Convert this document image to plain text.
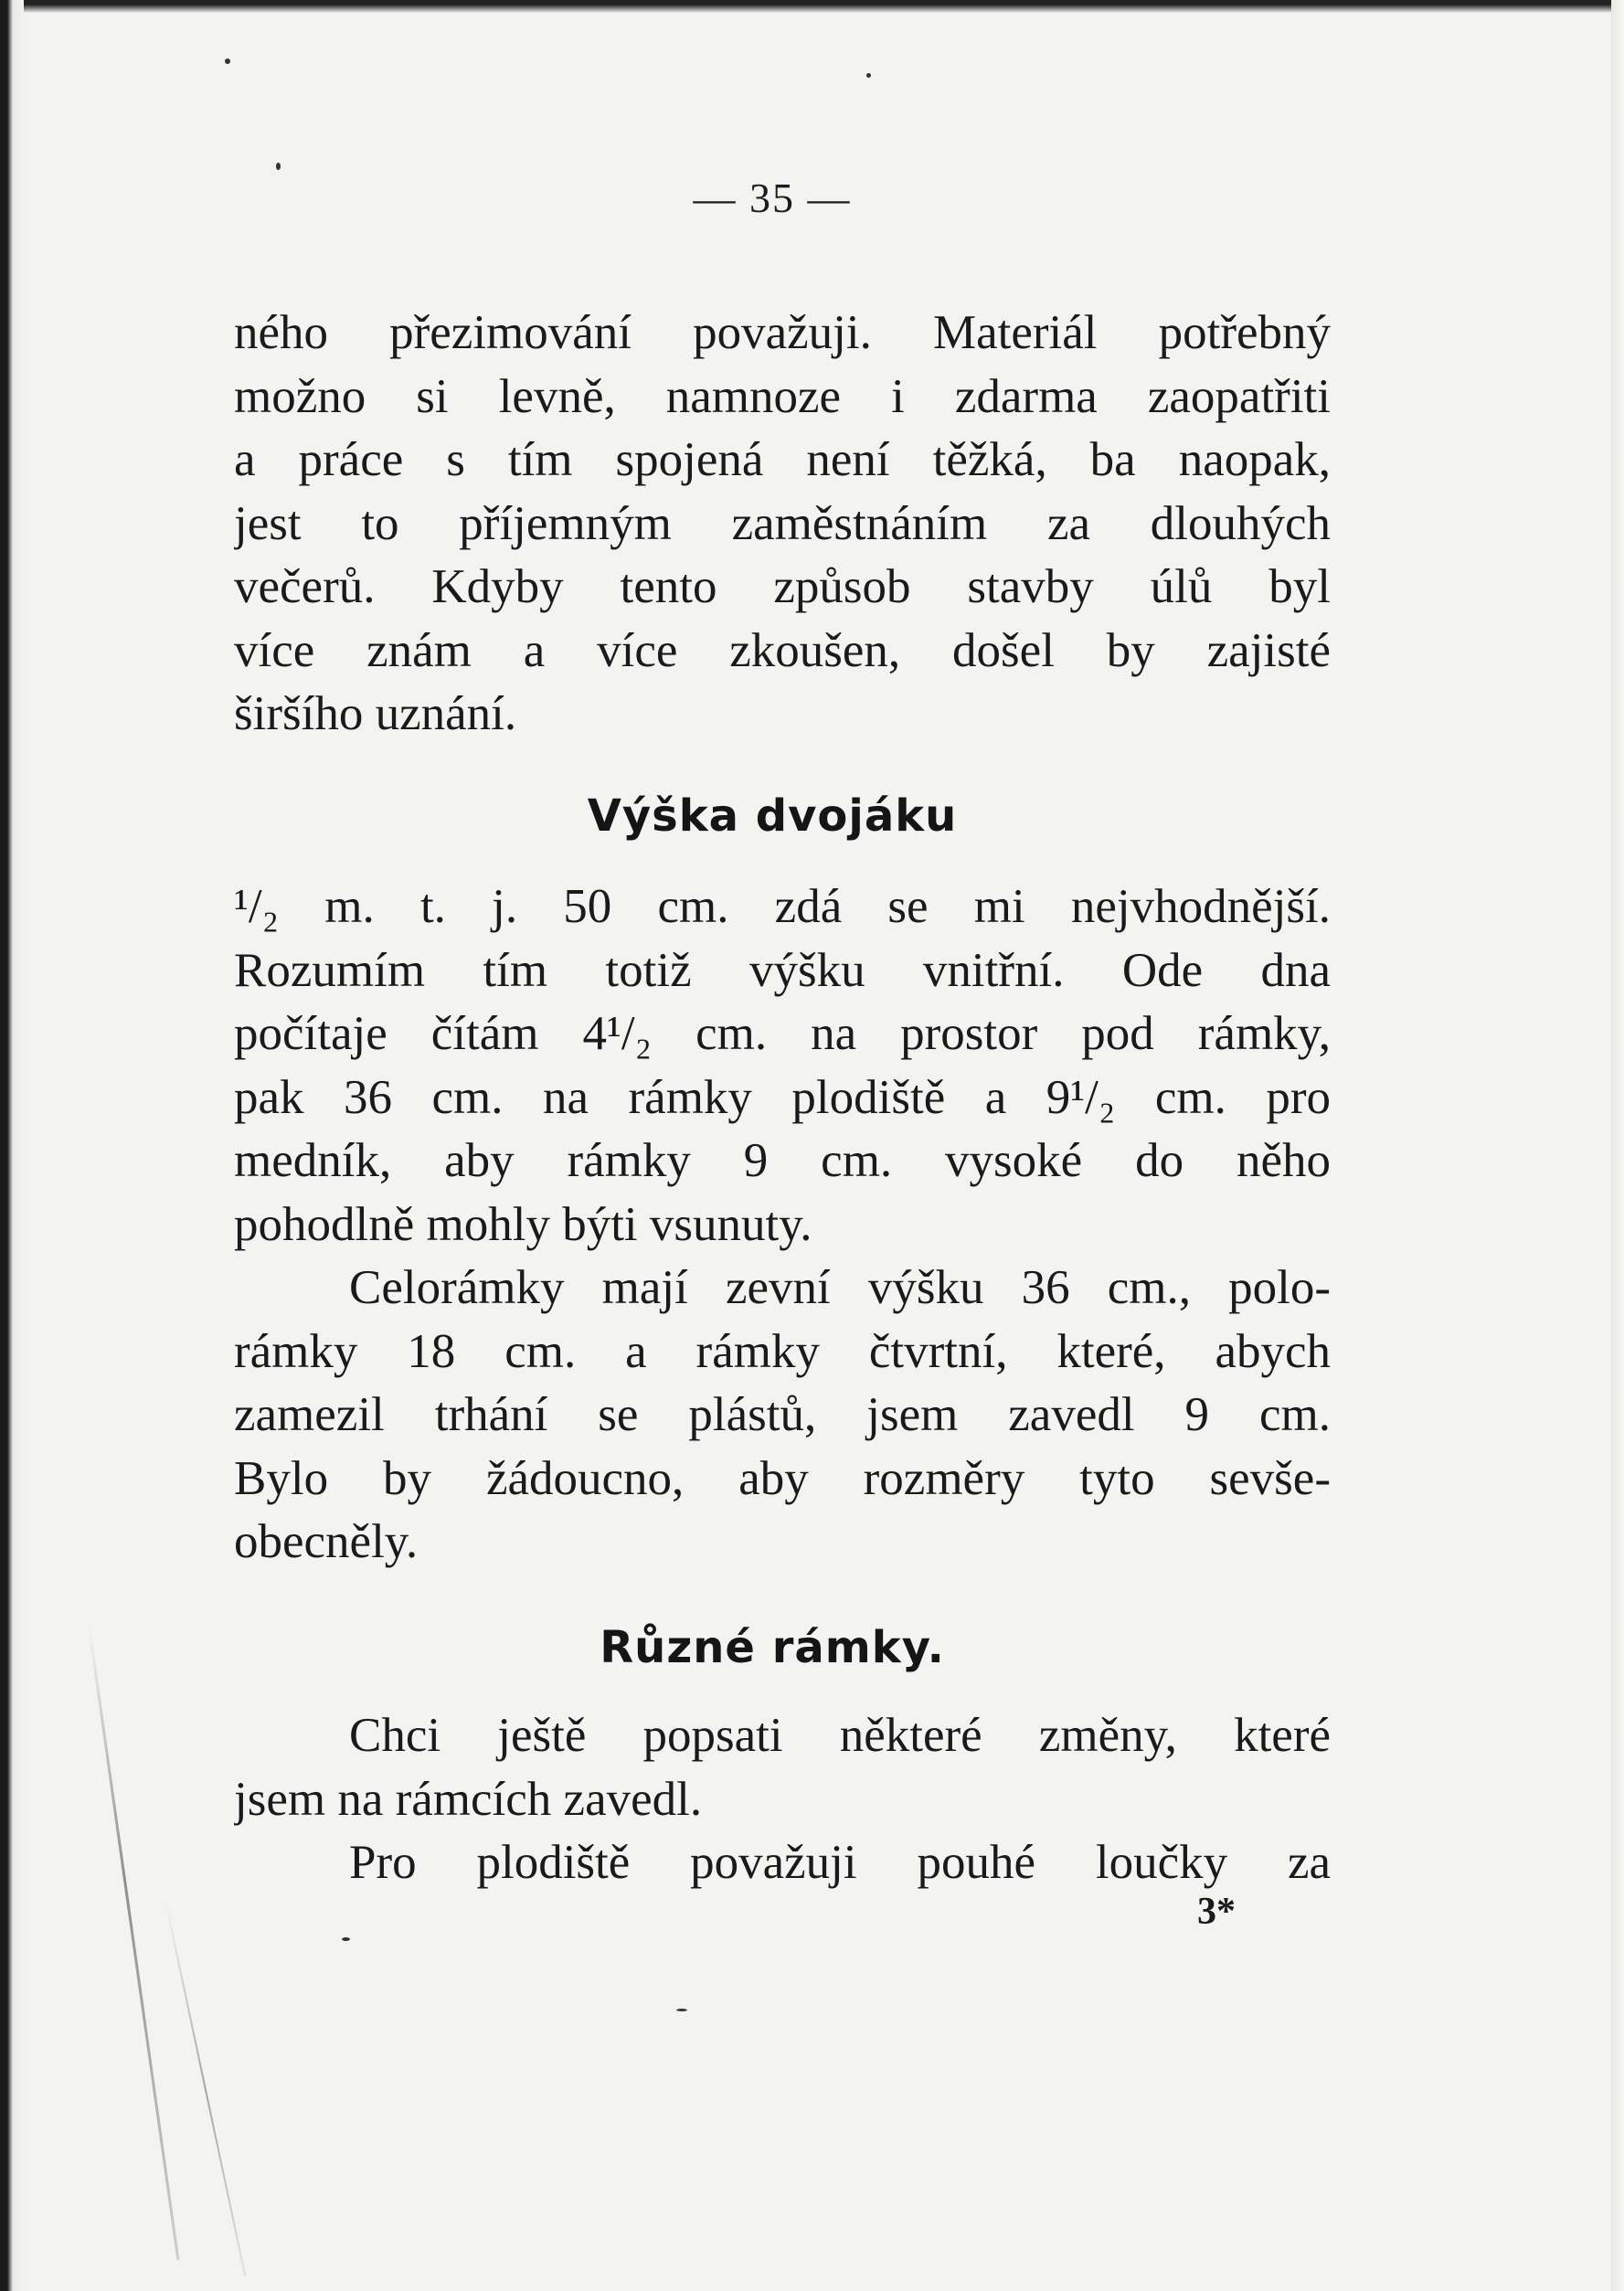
— 35 —
ného přezimování považuji. Materiál potřebný
možno si levně, namnoze i zdarma zaopatřiti
a práce s tím spojená není těžká, ba naopak,
jest to příjemným zaměstnáním za dlouhých
večerů. Kdyby tento způsob stavby úlů byl
více znám a více zkoušen, došel by zajisté
širšího uznání.
Výška dvojáku
¹/₂ m. t. j. 50 cm. zdá se mi nejvhodnější.
Rozumím tím totiž výšku vnitřní. Ode dna
počítaje čítám 4¹/₂ cm. na prostor pod rámky,
pak 36 cm. na rámky plodiště a 9¹/₂ cm. pro
medník, aby rámky 9 cm. vysoké do něho
pohodlně mohly býti vsunuty.
Celorámky mají zevní výšku 36 cm., polo-
rámky 18 cm. a rámky čtvrtní, které, abych
zamezil trhání se plástů, jsem zavedl 9 cm.
Bylo by žádoucno, aby rozměry tyto sevše-
obecněly.
Různé rámky.
Chci ještě popsati některé změny, které
jsem na rámcích zavedl.
Pro plodiště považuji pouhé loučky za
3*
